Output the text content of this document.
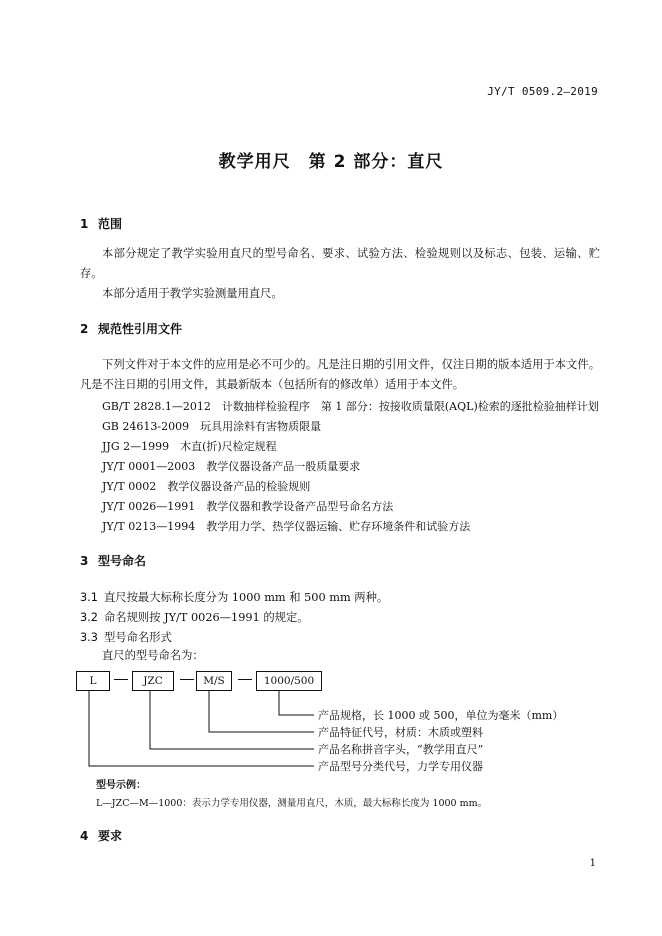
JY/T 0509.2—2019
教学用尺　第 2 部分：直尺
1 范围
本部分规定了教学实验用直尺的型号命名、要求、试验方法、检验规则以及标志、包装、运输、贮存。
本部分适用于教学实验测量用直尺。
2 规范性引用文件
下列文件对于本文件的应用是必不可少的。凡是注日期的引用文件，仅注日期的版本适用于本文件。凡是不注日期的引用文件，其最新版本（包括所有的修改单）适用于本文件。
GB/T 2828.1—2012　计数抽样检验程序　第 1 部分：按接收质量限(AQL)检索的逐批检验抽样计划
GB 24613-2009　玩具用涂料有害物质限量
JJG 2—1999　木直(折)尺检定规程
JY/T 0001—2003　教学仪器设备产品一般质量要求
JY/T 0002　教学仪器设备产品的检验规则
JY/T 0026—1991　教学仪器和教学设备产品型号命名方法
JY/T 0213—1994　教学用力学、热学仪器运输、贮存环境条件和试验方法
3 型号命名
3.1 直尺按最大标称长度分为 1000 mm 和 500 mm 两种。
3.2 命名规则按 JY/T 0026—1991 的规定。
3.3 型号命名形式
直尺的型号命名为：
L	JZC	M/S	1000/500
产品规格，长 1000 或 500，单位为毫米（mm）
产品特征代号，材质：木质或塑料
产品名称拼音字头，“教学用直尺”
产品型号分类代号，力学专用仪器
型号示例：
L—JZC—M—1000：表示力学专用仪器，测量用直尺，木质，最大标称长度为 1000 mm。
4 要求
1
